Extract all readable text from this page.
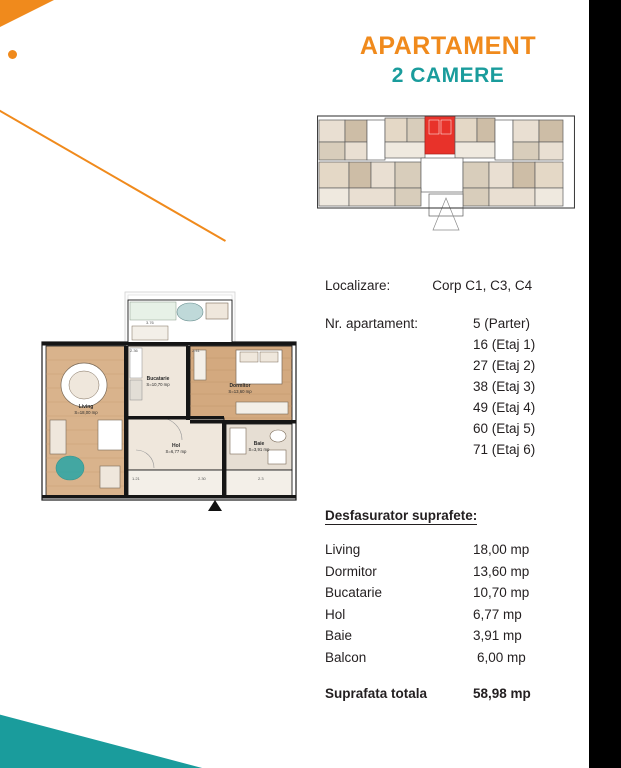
APARTAMENT
2 CAMERE
Localizare:	Corp C1, C3, C4
Nr. apartament:	5 (Parter)
16 (Etaj 1)
27 (Etaj 2)
38 (Etaj 3)
49 (Etaj 4)
60 (Etaj 5)
71 (Etaj 6)
Desfasurator suprafete:
Living	18,00 mp
Dormitor	13,60 mp
Bucatarie	10,70 mp
Hol	6,77 mp
Baie	3,91 mp
Balcon	6,00 mp
Suprafata totala	58,98 mp
Living
S=18,00 mp
Bucatarie
S=10,70 mp	Dormitor
S=13,60 mp
Hol
S=6,77 mp
Baie
S=3,91 mp
3.76
2.36	2.41
2.30
1.21	2.3
